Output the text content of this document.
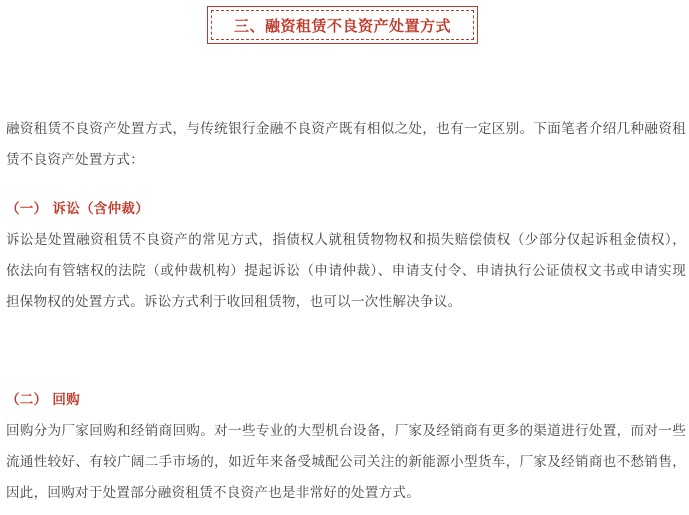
三、融资租赁不良资产处置方式

融资租赁不良资产处置方式，与传统银行金融不良资产既有相似之处，也有一定区别。下面笔者介绍几种融资租赁不良资产处置方式：

（一） 诉讼（含仲裁）

诉讼是处置融资租赁不良资产的常见方式，指债权人就租赁物物权和损失赔偿债权（少部分仅起诉租金债权），依法向有管辖权的法院（或仲裁机构）提起诉讼（申请仲裁）、申请支付令、申请执行公证债权文书或申请实现担保物权的处置方式。诉讼方式利于收回租赁物，也可以一次性解决争议。

（二） 回购

回购分为厂家回购和经销商回购。对一些专业的大型机台设备，厂家及经销商有更多的渠道进行处置，而对一些流通性较好、有较广阔二手市场的，如近年来备受城配公司关注的新能源小型货车，厂家及经销商也不愁销售，因此，回购对于处置部分融资租赁不良资产也是非常好的处置方式。
